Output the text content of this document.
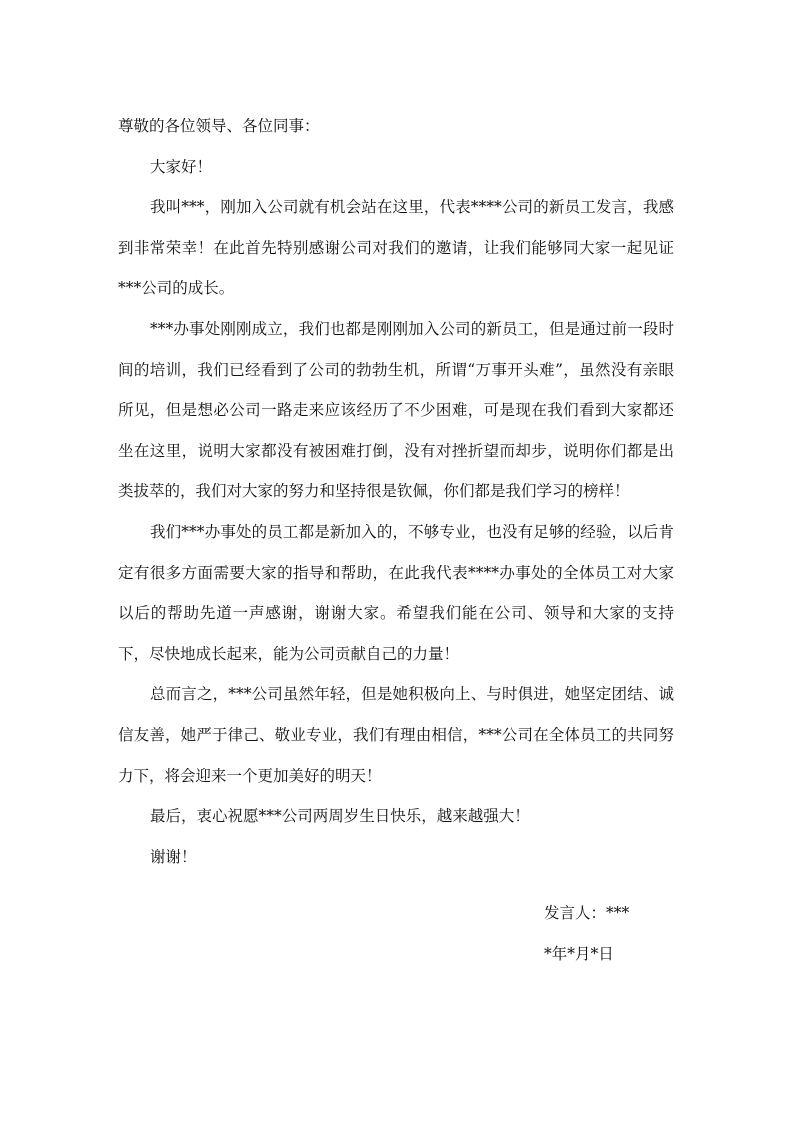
尊敬的各位领导、各位同事：

大家好！

我叫***，刚加入公司就有机会站在这里，代表****公司的新员工发言，我感到非常荣幸！在此首先特别感谢公司对我们的邀请，让我们能够同大家一起见证***公司的成长。

***办事处刚刚成立，我们也都是刚刚加入公司的新员工，但是通过前一段时间的培训，我们已经看到了公司的勃勃生机，所谓“万事开头难”，虽然没有亲眼所见，但是想必公司一路走来应该经历了不少困难，可是现在我们看到大家都还坐在这里，说明大家都没有被困难打倒，没有对挫折望而却步，说明你们都是出类拔萃的，我们对大家的努力和坚持很是钦佩，你们都是我们学习的榜样！

我们***办事处的员工都是新加入的，不够专业，也没有足够的经验，以后肯定有很多方面需要大家的指导和帮助，在此我代表****办事处的全体员工对大家以后的帮助先道一声感谢，谢谢大家。希望我们能在公司、领导和大家的支持下，尽快地成长起来，能为公司贡献自己的力量！

总而言之，***公司虽然年轻，但是她积极向上、与时俱进，她坚定团结、诚信友善，她严于律己、敬业专业，我们有理由相信，***公司在全体员工的共同努力下，将会迎来一个更加美好的明天！

最后，衷心祝愿***公司两周岁生日快乐，越来越强大！

谢谢！

发言人：***

*年*月*日
